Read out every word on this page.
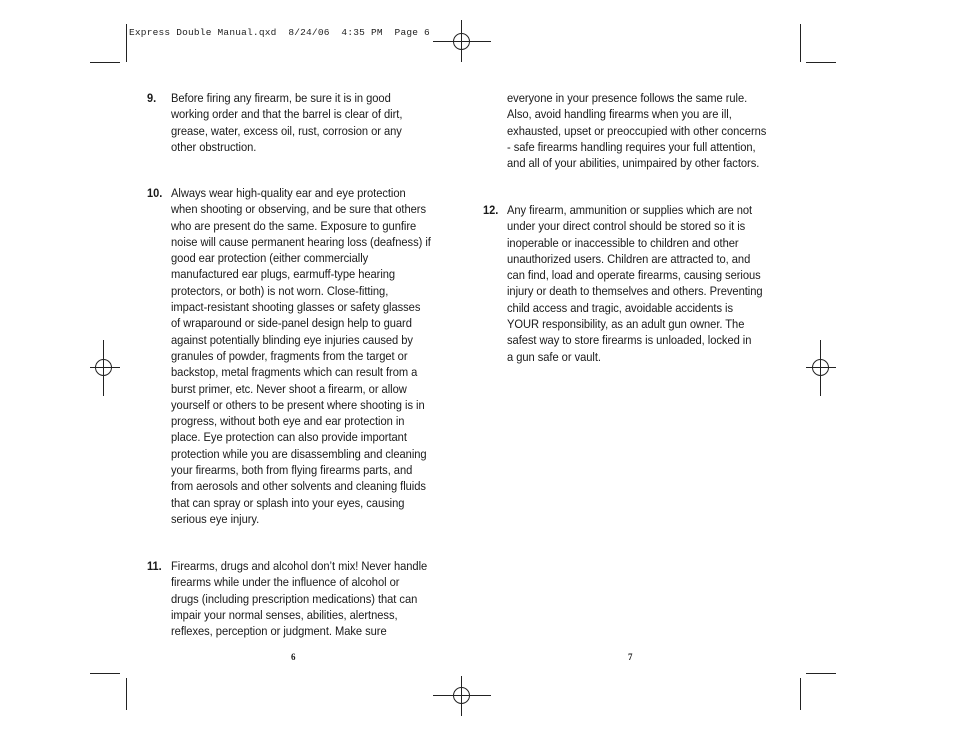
Express Double Manual.qxd  8/24/06  4:35 PM  Page 6
9. Before firing any firearm, be sure it is in good
working order and that the barrel is clear of dirt,
grease, water, excess oil, rust, corrosion or any
other obstruction.
10. Always wear high-quality ear and eye protection
when shooting or observing, and be sure that others
who are present do the same. Exposure to gunfire
noise will cause permanent hearing loss (deafness) if
good ear protection (either commercially
manufactured ear plugs, earmuff-type hearing
protectors, or both) is not worn. Close-fitting,
impact-resistant shooting glasses or safety glasses
of wraparound or side-panel design help to guard
against potentially blinding eye injuries caused by
granules of powder, fragments from the target or
backstop, metal fragments which can result from a
burst primer, etc. Never shoot a firearm, or allow
yourself or others to be present where shooting is in
progress, without both eye and ear protection in
place. Eye protection can also provide important
protection while you are disassembling and cleaning
your firearms, both from flying firearms parts, and
from aerosols and other solvents and cleaning fluids
that can spray or splash into your eyes, causing
serious eye injury.
11. Firearms, drugs and alcohol don’t mix! Never handle
firearms while under the influence of alcohol or
drugs (including prescription medications) that can
impair your normal senses, abilities, alertness,
reflexes, perception or judgment. Make sure
6
everyone in your presence follows the same rule.
Also, avoid handling firearms when you are ill,
exhausted, upset or preoccupied with other concerns
- safe firearms handling requires your full attention,
and all of your abilities, unimpaired by other factors.
12. Any firearm, ammunition or supplies which are not
under your direct control should be stored so it is
inoperable or inaccessible to children and other
unauthorized users. Children are attracted to, and
can find, load and operate firearms, causing serious
injury or death to themselves and others. Preventing
child access and tragic, avoidable accidents is
YOUR responsibility, as an adult gun owner. The
safest way to store firearms is unloaded, locked in
a gun safe or vault.
7
